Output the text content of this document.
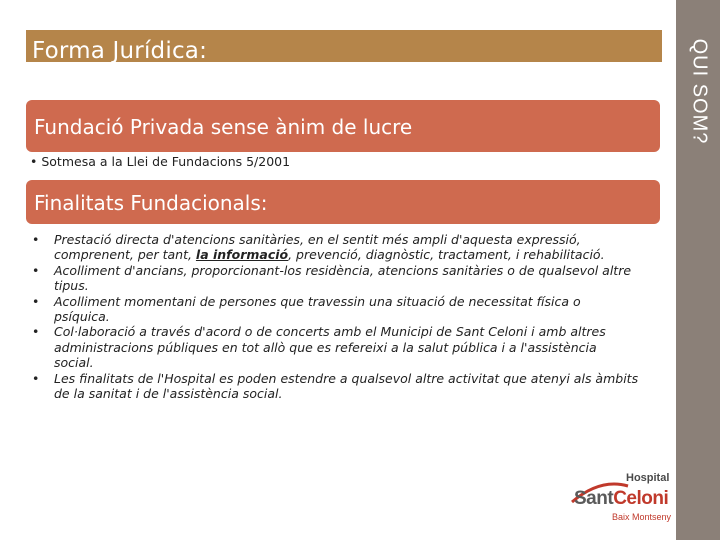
Forma Jurídica:	QUI SOM?
Fundació Privada sense ànim de lucre
• Sotmesa a la Llei de Fundacions 5/2001
Finalitats Fundacionals:
• Prestació directa d'atencions sanitàries, en el sentit més ampli d'aquesta expressió, comprenent, per tant, la informació, prevenció, diagnòstic, tractament, i rehabilitació.
• Acolliment d'ancians, proporcionant-los residència, atencions sanitàries o de qualsevol altre tipus.
• Acolliment momentani de persones que travessin una situació de necessitat física o psíquica.
• Col·laboració a través d'acord o de concerts amb el Municipi de Sant Celoni i amb altres administracions públiques en tot allò que es refereixi a la salut pública i a l'assistència social.
• Les finalitats de l'Hospital es poden estendre a qualsevol altre activitat que atenyi als àmbits de la sanitat i de l'assistència social.
Hospital
SantCeloni
Baix Montseny
